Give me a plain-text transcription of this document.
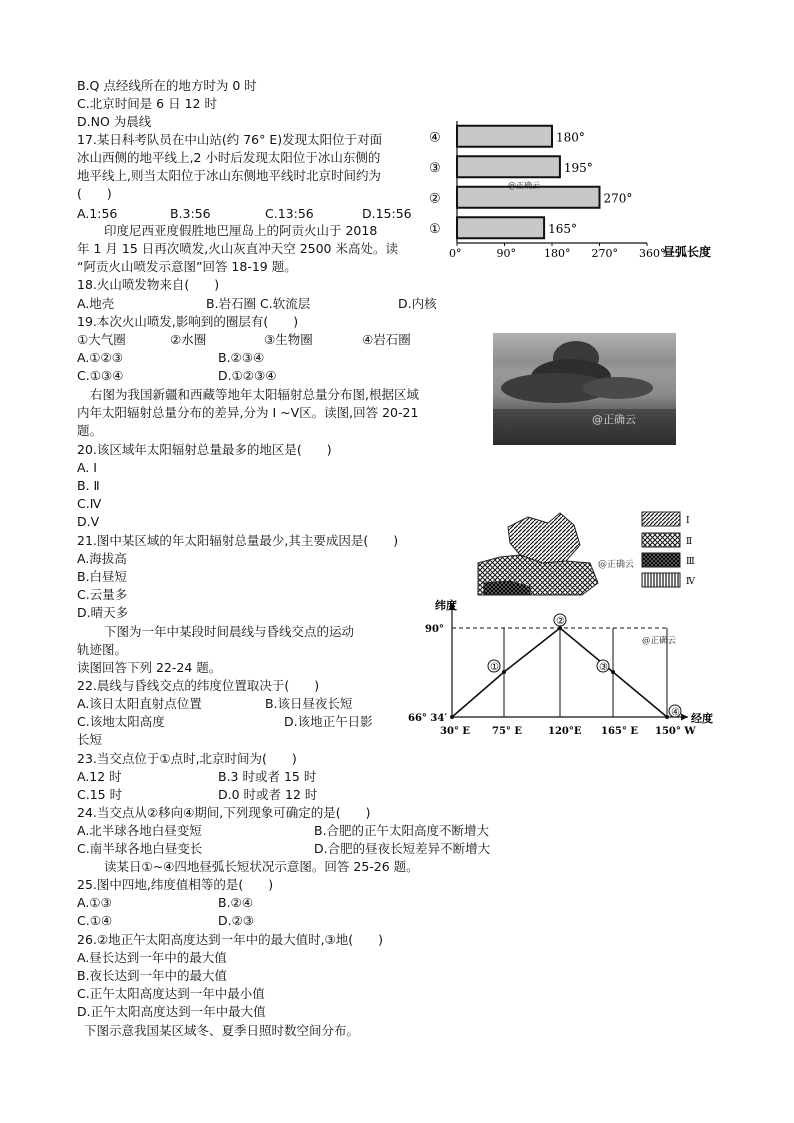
B.Q 点经线所在的地方时为 0 时
C.北京时间是 6 日 12 时
D.NO 为晨线
17.某日科考队员在中山站(约 76° E)发现太阳位于对面
冰山西侧的地平线上,2 小时后发现太阳位于冰山东侧的
地平线上,则当太阳位于冰山东侧地平线时北京时间约为
(　　)
A.1:56	B.3:56	C.13:56	D.15:56
印度尼西亚度假胜地巴厘岛上的阿贡火山于 2018
年 1 月 15 日再次喷发,火山灰直冲天空 2500 米高处。读
“阿贡火山喷发示意图”回答 18-19 题。
18.火山喷发物来自(　　)
A.地壳	B.岩石圈 C.软流层	D.内核
19.本次火山喷发,影响到的圈层有(　　)
①大气圈	②水圈	③生物圈	④岩石圈
A.①②③	B.②③④
C.①③④	D.①②③④
右图为我国新疆和西藏等地年太阳辐射总量分布图,根据区域
内年太阳辐射总量分布的差异,分为 I ~V区。读图,回答 20-21
题。
20.该区域年太阳辐射总量最多的地区是(　　)
A. Ⅰ
B. Ⅱ
C.Ⅳ
D.Ⅴ
21.图中某区域的年太阳辐射总量最少,其主要成因是(　　)
A.海拔高
B.白昼短
C.云量多
D.晴天多
下图为一年中某段时间晨线与昏线交点的运动
轨迹图。
读图回答下列 22-24 题。
22.晨线与昏线交点的纬度位置取决于(　　)
A.该日太阳直射点位置	B.该日昼夜长短
C.该地太阳高度	D.该地正午日影
长短
23.当交点位于①点时,北京时间为(　　)
A.12 时	B.3 时或者 15 时
C.15 时	D.0 时或者 12 时
24.当交点从②移向④期间,下列现象可确定的是(　　)
A.北半球各地白昼变短	B.合肥的正午太阳高度不断增大
C.南半球各地白昼变长	D.合肥的昼夜长短差异不断增大
读某日①~④四地昼弧长短状况示意图。回答 25-26 题。
25.图中四地,纬度值相等的是(　　)
A.①③	B.②④
C.①④	D.②③
26.②地正午太阳高度达到一年中的最大值时,③地(　　)
A.昼长达到一年中的最大值
B.夜长达到一年中的最大值
C.正午太阳高度达到一年中最小值
D.正午太阳高度达到一年中最大值
下图示意我国某区域冬、夏季日照时数空间分布。
④
③
②
①
180°
195°
270°
165°
0°	90°	180° 270° 360°
昼弧长度
@正确云
@正确云
@正确云
Ⅰ
Ⅱ
Ⅲ
Ⅳ
纬度
经度
90°
66° 34′
①
②
③
④
30° E 75° E	120°E 165° E 150° W
@正确云
